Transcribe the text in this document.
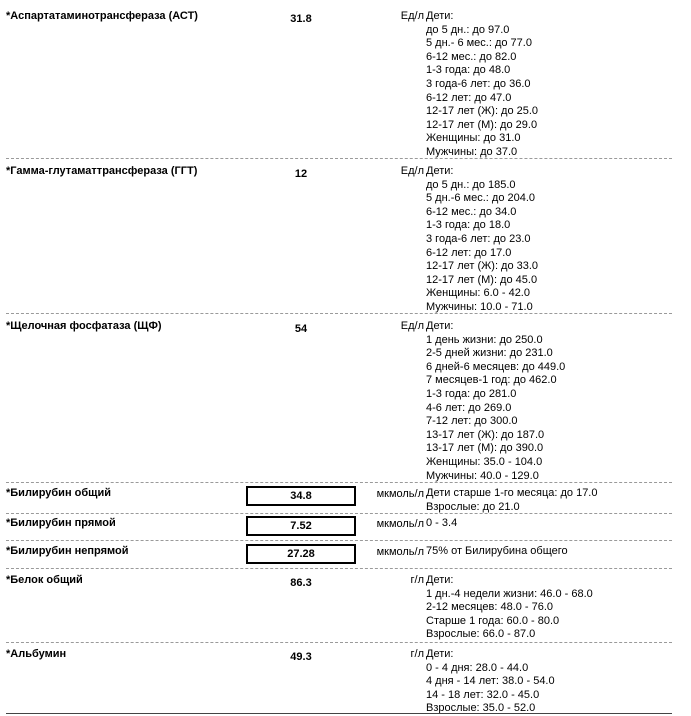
*Аспартатаминотрансфераза (АСТ)	31.8	Ед/л Дети:
до 5 дн.: до 97.0
5 дн.- 6 мес.: до 77.0
6-12 мес.: до 82.0
1-3 года: до 48.0
3 года-6 лет: до 36.0
6-12 лет: до 47.0
12-17 лет (Ж): до 25.0
12-17 лет (М): до 29.0
Женщины: до 31.0
Мужчины: до 37.0
*Гамма-глутаматтрансфераза (ГГТ)	12	Ед/л Дети:
до 5 дн.: до 185.0
5 дн.-6 мес.: до 204.0
6-12 мес.: до 34.0
1-3 года: до 18.0
3 года-6 лет: до 23.0
6-12 лет: до 17.0
12-17 лет (Ж): до 33.0
12-17 лет (М): до 45.0
Женщины: 6.0 - 42.0
Мужчины: 10.0 - 71.0
*Щелочная фосфатаза (ЩФ)	54	Ед/л Дети:
1 день жизни: до 250.0
2-5 дней жизни: до 231.0
6 дней-6 месяцев: до 449.0
7 месяцев-1 год: до 462.0
1-3 года: до 281.0
4-6 лет: до 269.0
7-12 лет: до 300.0
13-17 лет (Ж): до 187.0
13-17 лет (М): до 390.0
Женщины: 35.0 - 104.0
Мужчины: 40.0 - 129.0
*Билирубин общий	34.8	мкмоль/л Дети старше 1-го месяца: до 17.0
Взрослые: до 21.0
*Билирубин прямой	7.52	мкмоль/л 0 - 3.4
*Билирубин непрямой	27.28	мкмоль/л 75% от Билирубина общего
*Белок общий	86.3	г/л Дети:
1 дн.-4 недели жизни: 46.0 - 68.0
2-12 месяцев: 48.0 - 76.0
Старше 1 года: 60.0 - 80.0
Взрослые: 66.0 - 87.0
*Альбумин	49.3	г/л Дети:
0 - 4 дня: 28.0 - 44.0
4 дня - 14 лет: 38.0 - 54.0
14 - 18 лет: 32.0 - 45.0
Взрослые: 35.0 - 52.0
